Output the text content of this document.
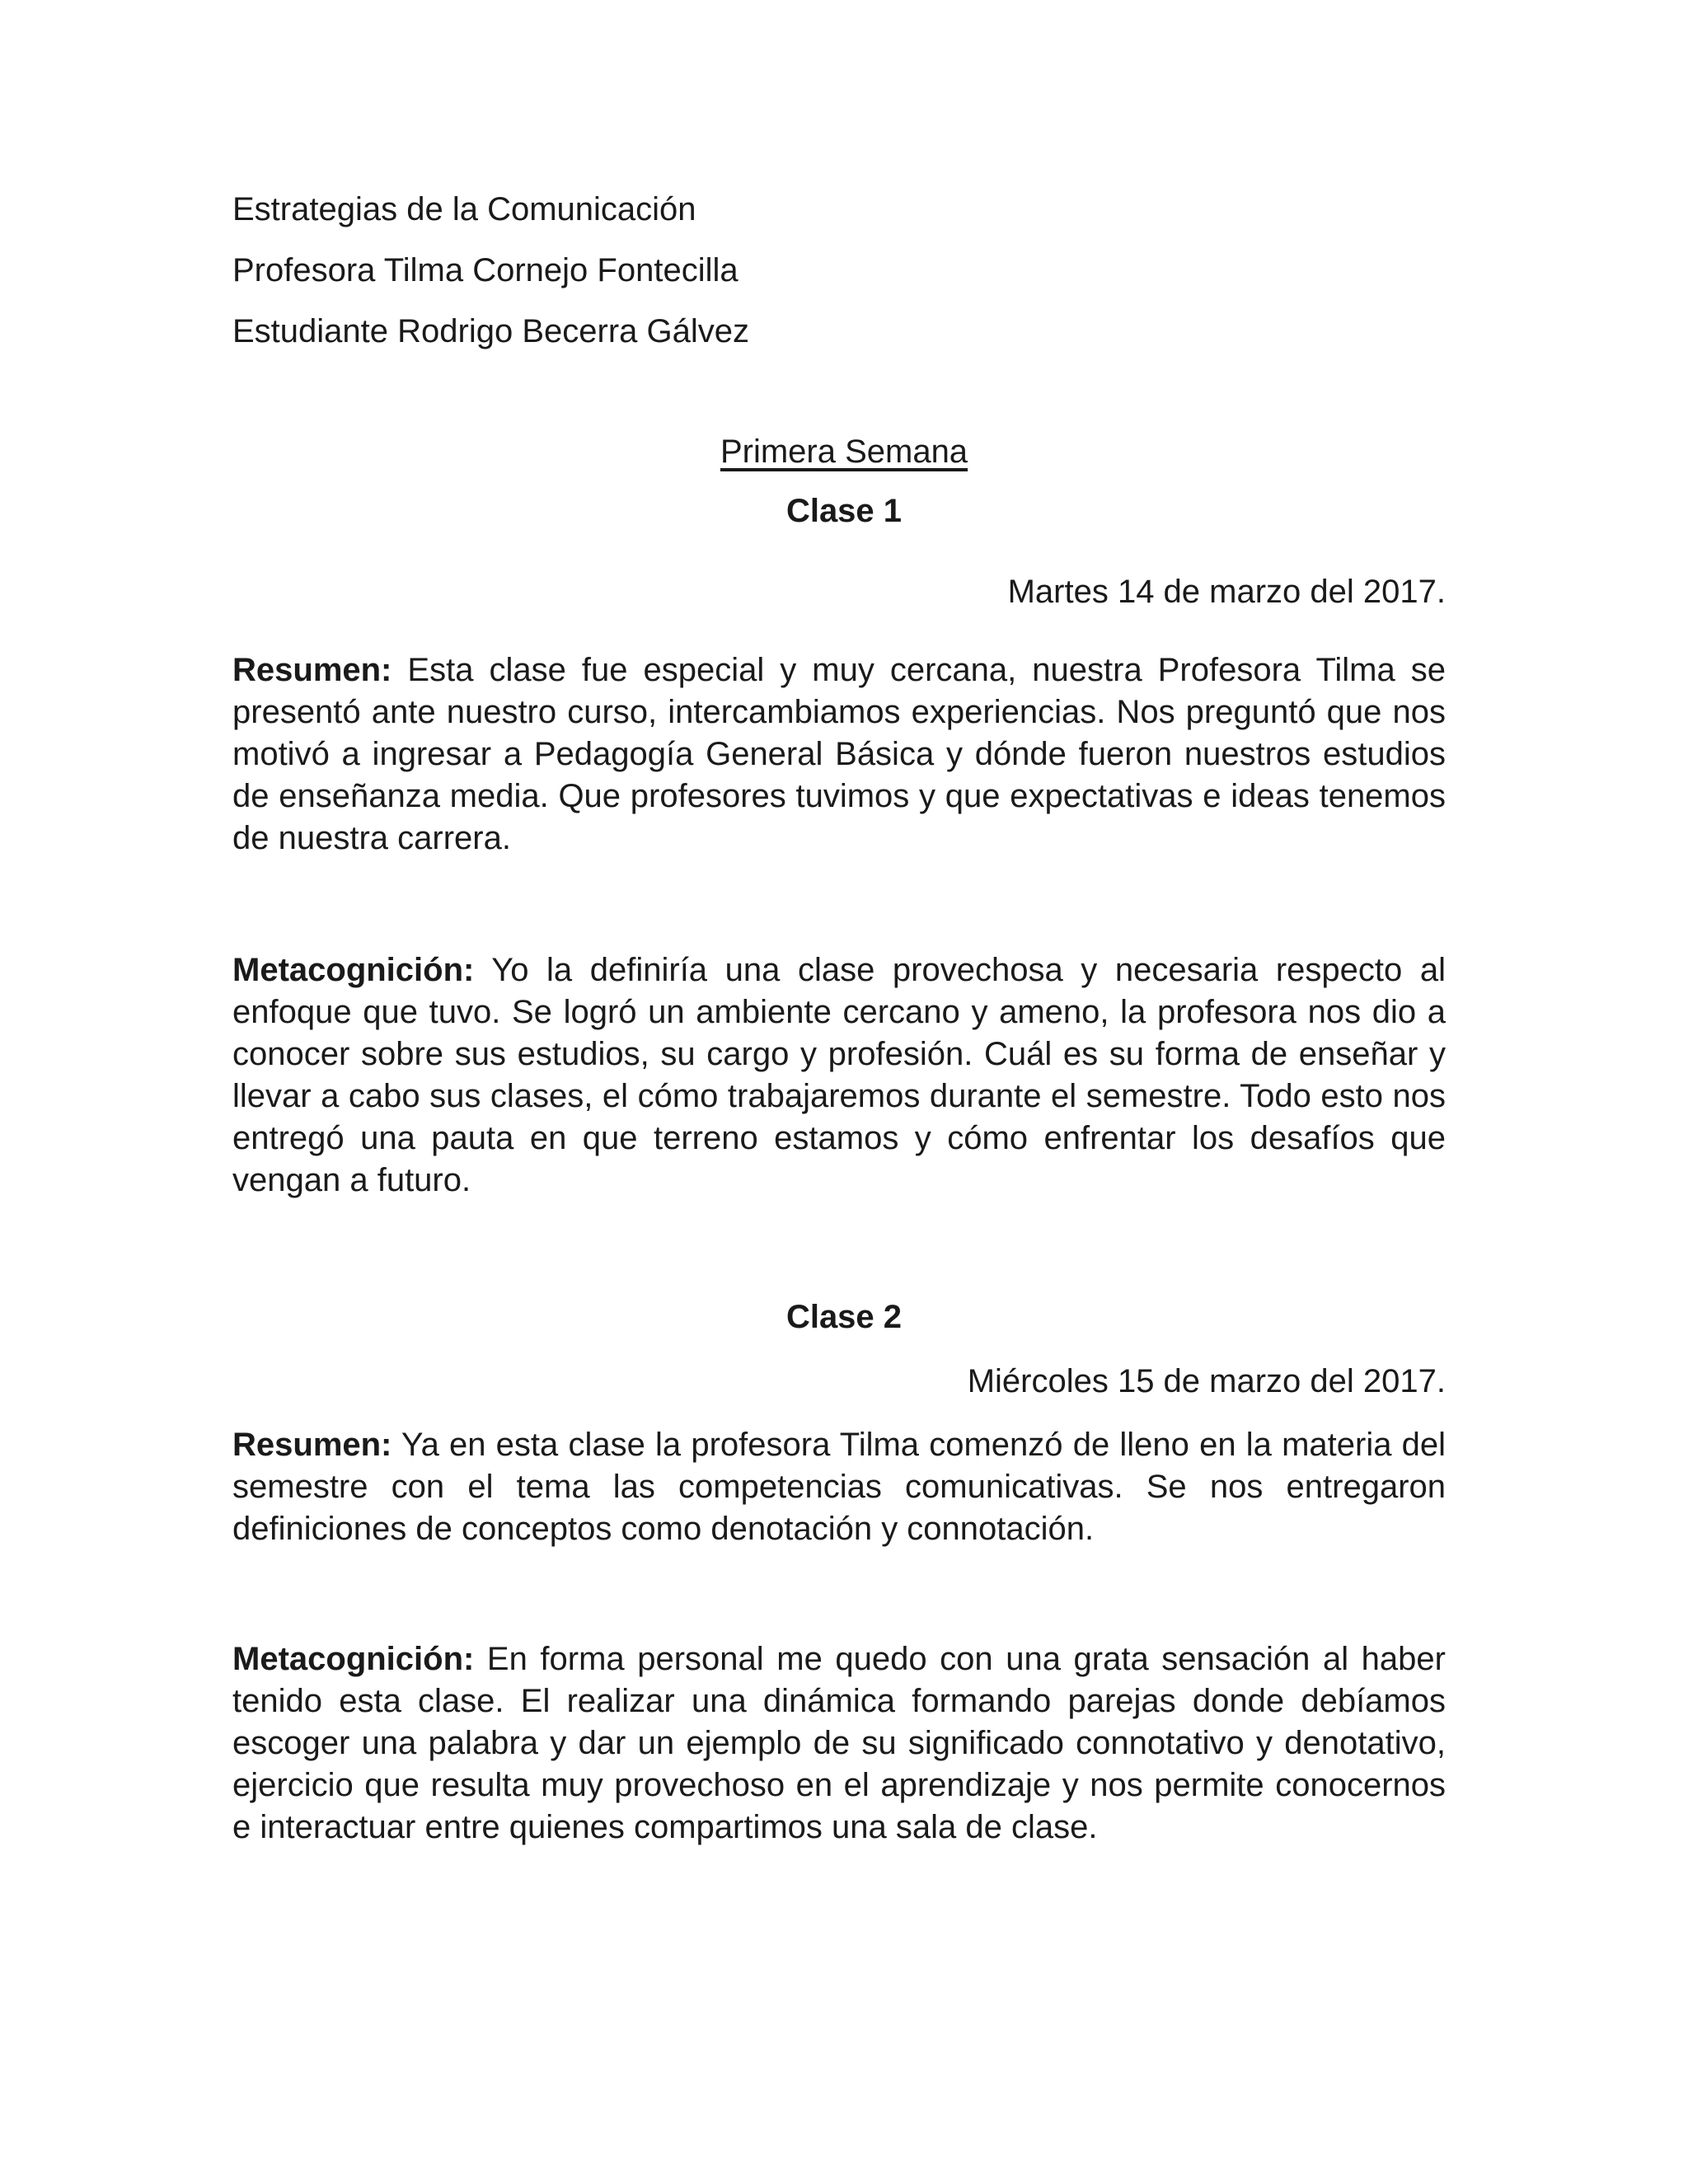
Estrategias de la Comunicación
Profesora Tilma Cornejo Fontecilla
Estudiante Rodrigo Becerra Gálvez
Primera Semana
Clase 1
Martes 14 de marzo del 2017.
Resumen: Esta clase fue especial y muy cercana, nuestra Profesora Tilma se presentó ante nuestro curso, intercambiamos experiencias. Nos preguntó que nos motivó a ingresar a Pedagogía General Básica y dónde fueron nuestros estudios de enseñanza media. Que profesores tuvimos y que expectativas e ideas tenemos de nuestra carrera.
Metacognición: Yo la definiría una clase provechosa y necesaria respecto al enfoque que tuvo. Se logró un ambiente cercano y ameno, la profesora nos dio a conocer sobre sus estudios, su cargo y profesión. Cuál es su forma de enseñar y llevar a cabo sus clases, el cómo trabajaremos durante el semestre. Todo esto nos entregó una pauta en que terreno estamos y cómo enfrentar los desafíos que vengan a futuro.
Clase 2
Miércoles 15 de marzo del 2017.
Resumen: Ya en esta clase la profesora Tilma comenzó de lleno en la materia del semestre con el tema las competencias comunicativas. Se nos entregaron definiciones de conceptos como denotación y connotación.
Metacognición: En forma personal me quedo con una grata sensación al haber tenido esta clase. El realizar una dinámica formando parejas donde debíamos escoger una palabra y dar un ejemplo de su significado connotativo y denotativo, ejercicio que resulta muy provechoso en el aprendizaje y nos permite conocernos e interactuar entre quienes compartimos una sala de clase.
